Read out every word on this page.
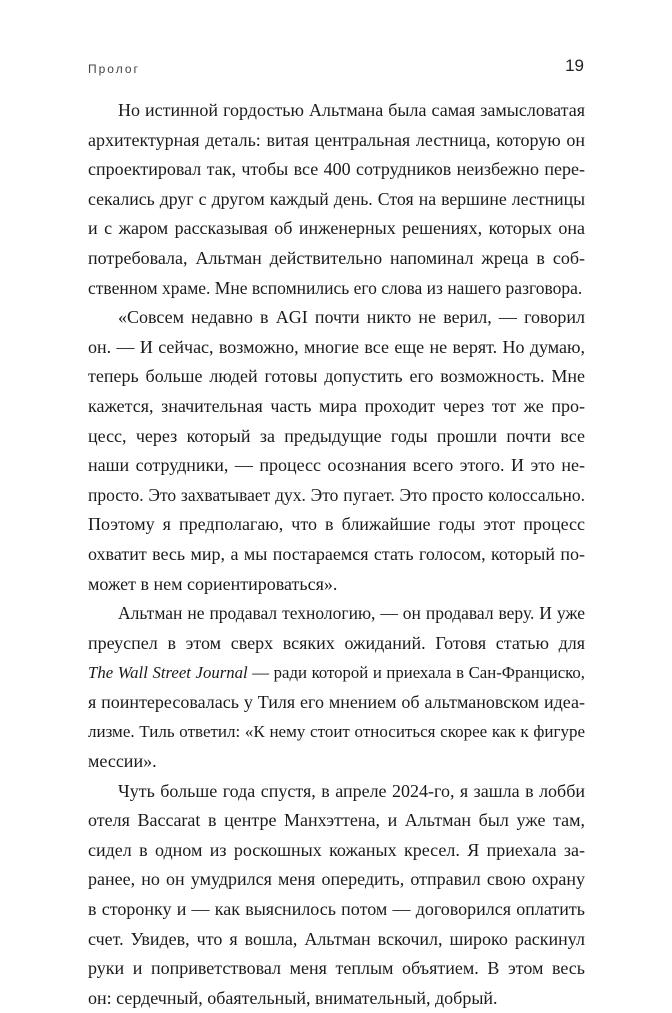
Пролог	19
Но истинной гордостью Альтмана была самая замысловатая
архитектурная деталь: витая центральная лестница, которую он
спроектировал так, чтобы все 400 сотрудников неизбежно пере-
секались друг с другом каждый день. Стоя на вершине лестницы
и с жаром рассказывая об инженерных решениях, которых она
потребовала, Альтман действительно напоминал жреца в соб-
ственном храме. Мне вспомнились его слова из нашего разговора.
«Совсем недавно в AGI почти никто не верил, — говорил
он. — И сейчас, возможно, многие все еще не верят. Но думаю,
теперь больше людей готовы допустить его возможность. Мне
кажется, значительная часть мира проходит через тот же про-
цесс, через который за предыдущие годы прошли почти все
наши сотрудники, — процесс осознания всего этого. И это не-
просто. Это захватывает дух. Это пугает. Это просто колоссально.
Поэтому я предполагаю, что в ближайшие годы этот процесс
охватит весь мир, а мы постараемся стать голосом, который по-
может в нем сориентироваться».
Альтман не продавал технологию, — он продавал веру. И уже
преуспел в этом сверх всяких ожиданий. Готовя статью для
The Wall Street Journal — ради которой и приехала в Сан-Франциско,
я поинтересовалась у Тиля его мнением об альтмановском идеа-
лизме. Тиль ответил: «К нему стоит относиться скорее как к фигуре
мессии».
Чуть больше года спустя, в апреле 2024-го, я зашла в лобби
отеля Baccarat в центре Манхэттена, и Альтман был уже там,
сидел в одном из роскошных кожаных кресел. Я приехала за-
ранее, но он умудрился меня опередить, отправил свою охрану
в сторонку и — как выяснилось потом — договорился оплатить
счет. Увидев, что я вошла, Альтман вскочил, широко раскинул
руки и поприветствовал меня теплым объятием. В этом весь
он: сердечный, обаятельный, внимательный, добрый.
